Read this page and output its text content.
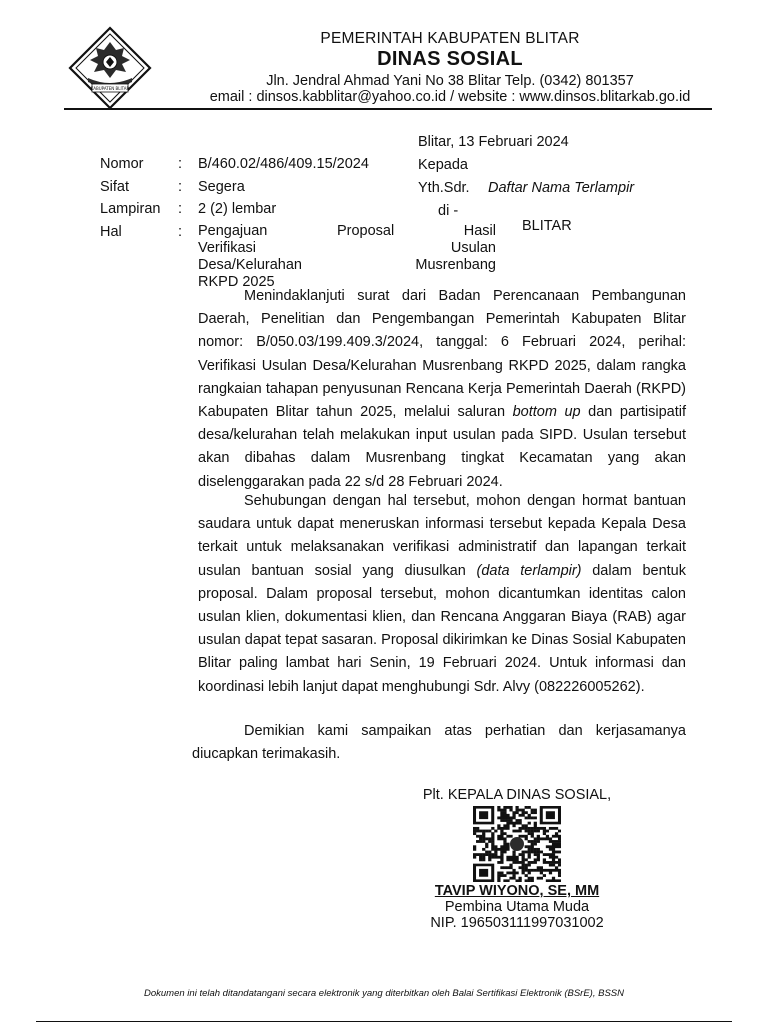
KABUPATEN BLITAR
PEMERINTAH KABUPATEN BLITAR
DINAS SOSIAL
Jln. Jendral Ahmad Yani No 38 Blitar Telp. (0342) 801357
email : dinsos.kabblitar@yahoo.co.id / website : www.dinsos.blitarkab.go.id
Blitar, 13 Februari 2024
Kepada
Yth.Sdr. Daftar Nama Terlampir
di -
BLITAR
Nomor	: B/460.02/486/409.15/2024
Sifat	: Segera
Lampiran	: 2 (2) lembar
Hal	: Pengajuan Proposal Hasil
Verifikasi Usulan
Desa/Kelurahan Musrenbang
RKPD 2025

Menindaklanjuti surat dari Badan Perencanaan Pembangunan Daerah, Penelitian dan Pengembangan Pemerintah Kabupaten Blitar nomor: B/050.03/199.409.3/2024, tanggal: 6 Februari 2024, perihal: Verifikasi Usulan Desa/Kelurahan Musrenbang RKPD 2025, dalam rangka rangkaian tahapan penyusunan Rencana Kerja Pemerintah Daerah (RKPD) Kabupaten Blitar tahun 2025, melalui saluran bottom up dan partisipatif desa/kelurahan telah melakukan input usulan pada SIPD. Usulan tersebut akan dibahas dalam Musrenbang tingkat Kecamatan yang akan diselenggarakan pada 22 s/d 28 Februari 2024.

Sehubungan dengan hal tersebut, mohon dengan hormat bantuan saudara untuk dapat meneruskan informasi tersebut kepada Kepala Desa terkait untuk melaksanakan verifikasi administratif dan lapangan terkait usulan bantuan sosial yang diusulkan (data terlampir) dalam bentuk proposal. Dalam proposal tersebut, mohon dicantumkan identitas calon usulan klien, dokumentasi klien, dan Rencana Anggaran Biaya (RAB) agar usulan dapat tepat sasaran. Proposal dikirimkan ke Dinas Sosial Kabupaten Blitar paling lambat hari Senin, 19 Februari 2024. Untuk informasi dan koordinasi lebih lanjut dapat menghubungi Sdr. Alvy (082226005262).

Demikian kami sampaikan atas perhatian dan kerjasamanya diucapkan terimakasih.

Plt. KEPALA DINAS SOSIAL,
TAVIP WIYONO, SE, MM
Pembina Utama Muda
NIP. 196503111997031002
Dokumen ini telah ditandatangani secara elektronik yang diterbitkan oleh Balai Sertifikasi Elektronik (BSrE), BSSN
